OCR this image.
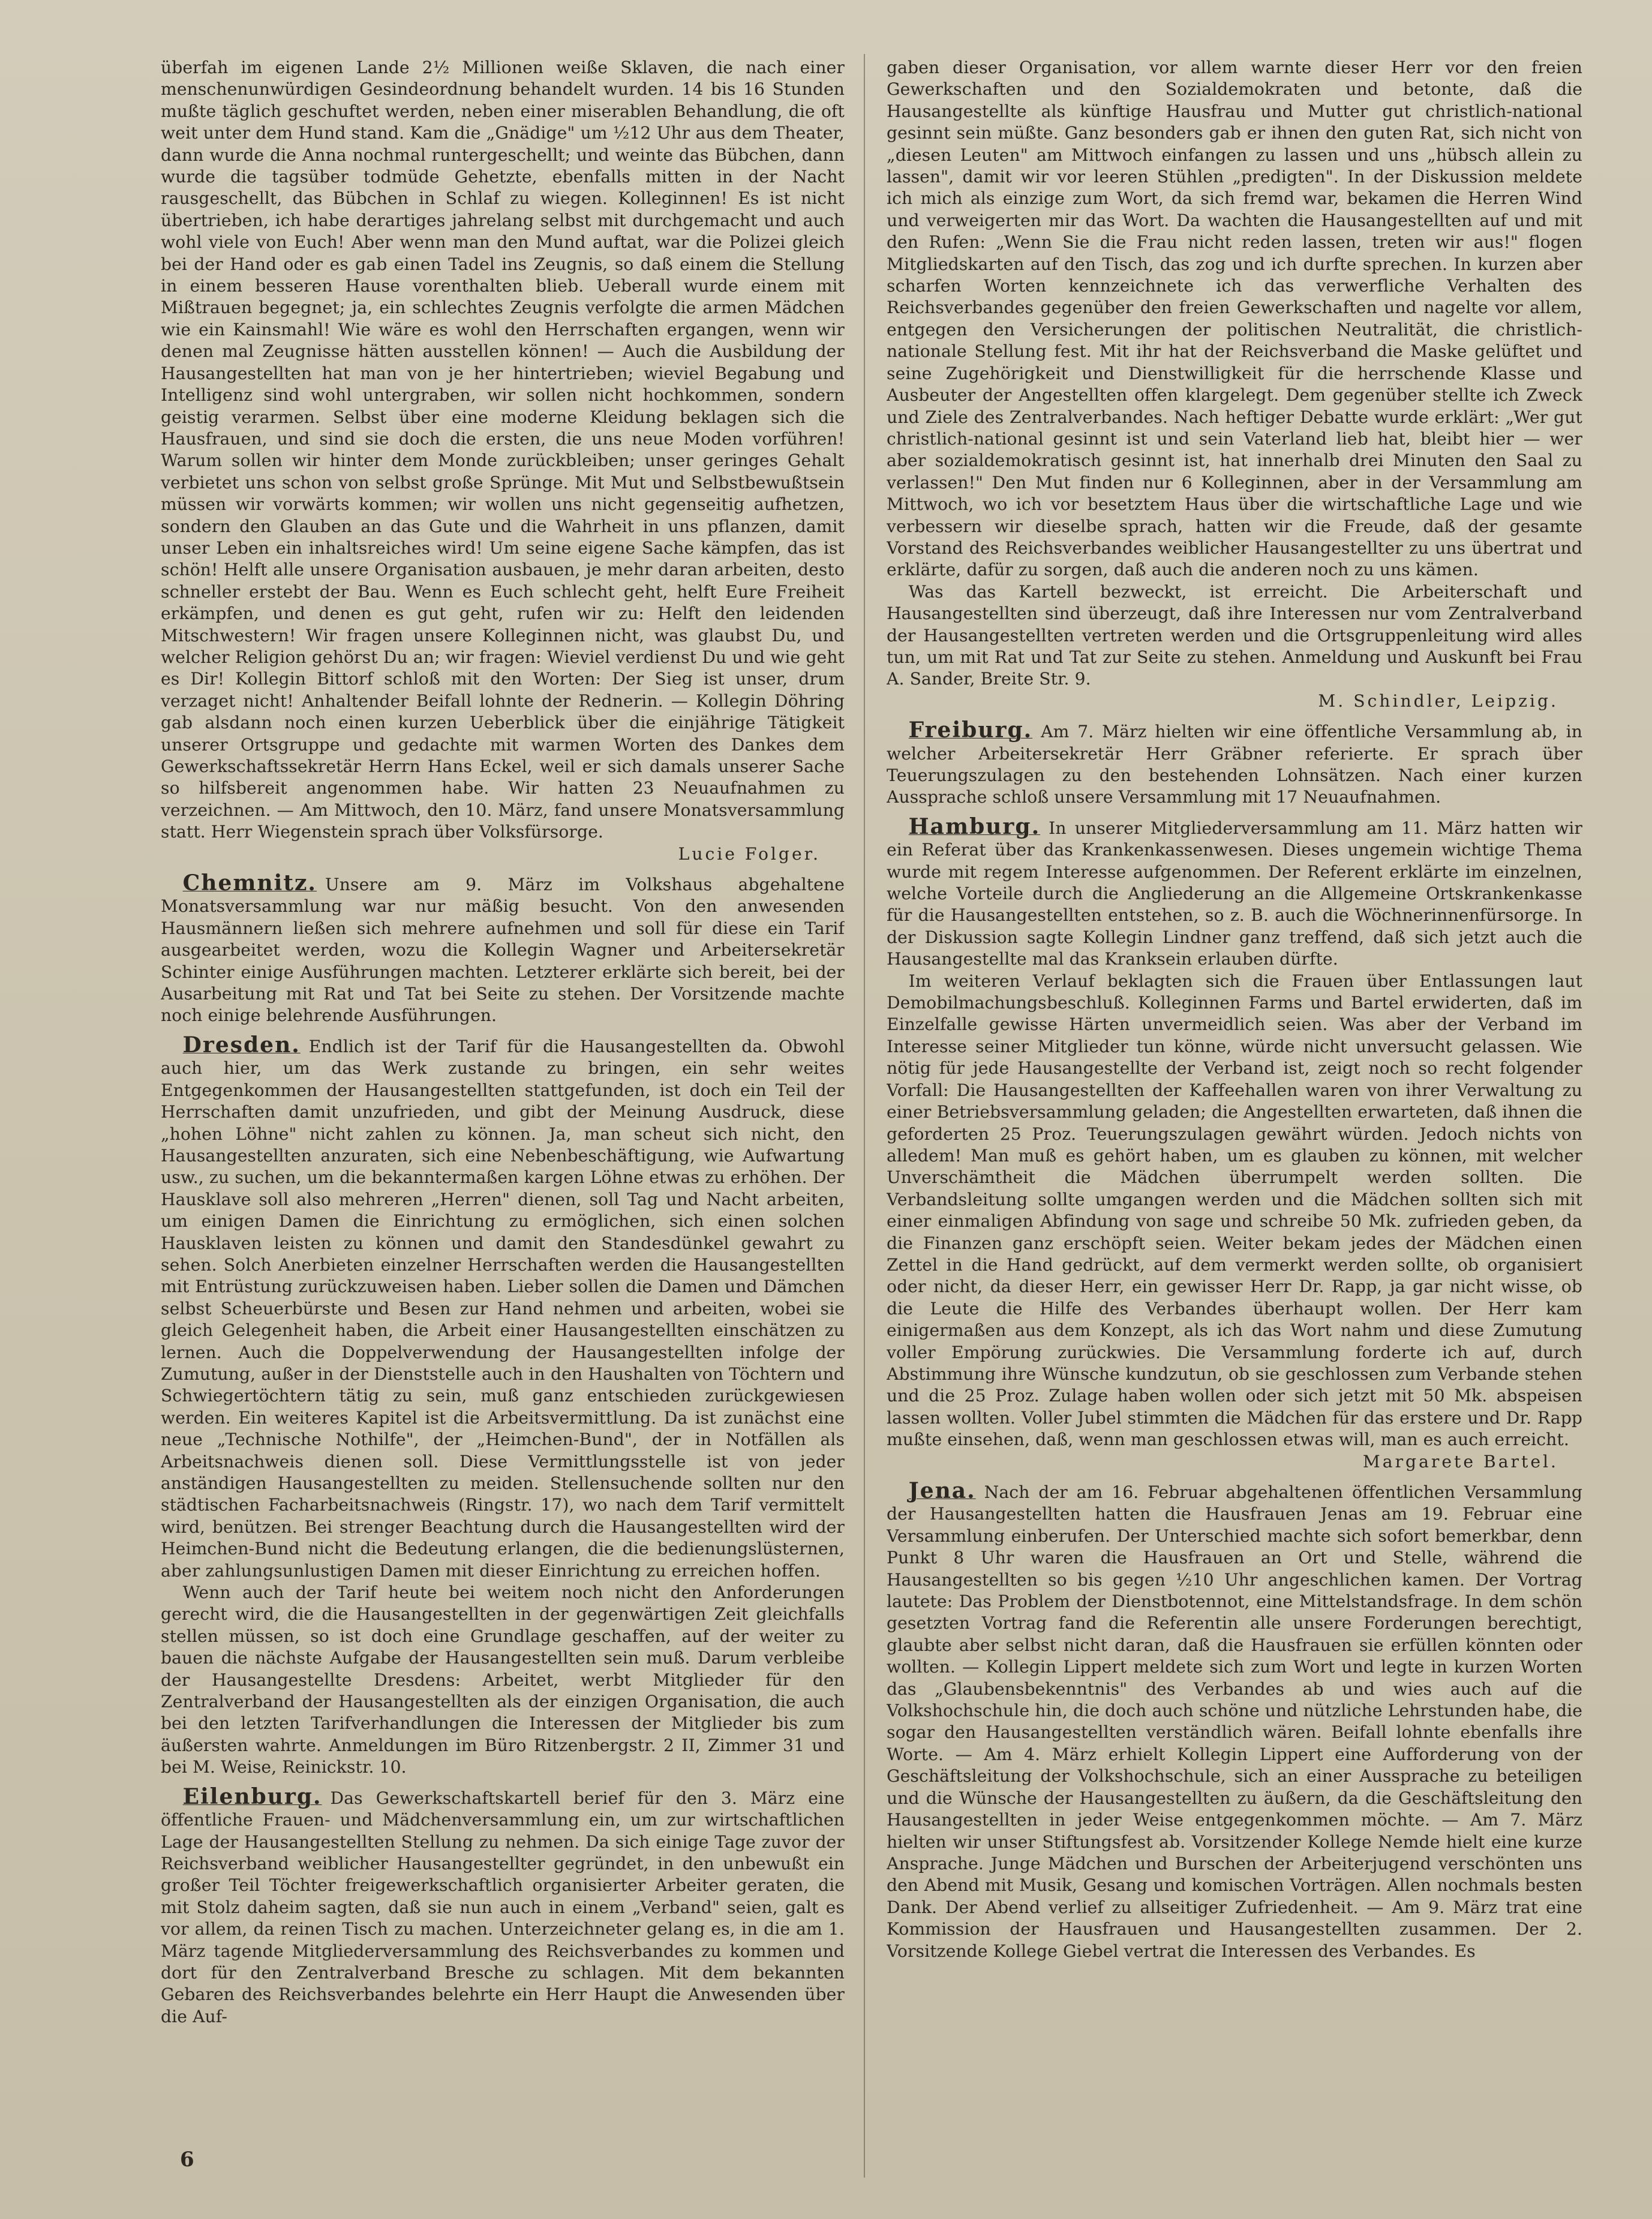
überfah im eigenen Lande 2½ Millionen weiße Sklaven, die nach einer menschenunwürdigen Gesindeordnung behandelt wurden. 14 bis 16 Stunden mußte täglich geschuftet werden, neben einer miserablen Behandlung, die oft weit unter dem Hund stand. Kam die „Gnädige" um ½12 Uhr aus dem Theater, dann wurde die Anna nochmal runtergeschellt; und weinte das Bübchen, dann wurde die tagsüber todmüde Gehetzte, ebenfalls mitten in der Nacht rausgeschellt, das Bübchen in Schlaf zu wiegen. Kolleginnen! Es ist nicht übertrieben, ich habe derartiges jahrelang selbst mit durchgemacht und auch wohl viele von Euch! Aber wenn man den Mund auftat, war die Polizei gleich bei der Hand oder es gab einen Tadel ins Zeugnis, so daß einem die Stellung in einem besseren Hause vorenthalten blieb. Ueberall wurde einem mit Mißtrauen begegnet; ja, ein schlechtes Zeugnis verfolgte die armen Mädchen wie ein Kainsmahl! Wie wäre es wohl den Herrschaften ergangen, wenn wir denen mal Zeugnisse hätten ausstellen können! — Auch die Ausbildung der Hausangestellten hat man von je her hintertrieben; wieviel Begabung und Intelligenz sind wohl untergraben, wir sollen nicht hochkommen, sondern geistig verarmen. Selbst über eine moderne Kleidung beklagen sich die Hausfrauen, und sind sie doch die ersten, die uns neue Moden vorführen! Warum sollen wir hinter dem Monde zurückbleiben; unser geringes Gehalt verbietet uns schon von selbst große Sprünge. Mit Mut und Selbstbewußtsein müssen wir vorwärts kommen; wir wollen uns nicht gegenseitig aufhetzen, sondern den Glauben an das Gute und die Wahrheit in uns pflanzen, damit unser Leben ein inhaltsreiches wird! Um seine eigene Sache kämpfen, das ist schön! Helft alle unsere Organisation ausbauen, je mehr daran arbeiten, desto schneller erstebt der Bau. Wenn es Euch schlecht geht, helft Eure Freiheit erkämpfen, und denen es gut geht, rufen wir zu: Helft den leidenden Mitschwestern! Wir fragen unsere Kolleginnen nicht, was glaubst Du, und welcher Religion gehörst Du an; wir fragen: Wieviel verdienst Du und wie geht es Dir! Kollegin Bittorf schloß mit den Worten: Der Sieg ist unser, drum verzaget nicht! Anhaltender Beifall lohnte der Rednerin. — Kollegin Döhring gab alsdann noch einen kurzen Ueberblick über die einjährige Tätigkeit unserer Ortsgruppe und gedachte mit warmen Worten des Dankes dem Gewerkschaftssekretär Herrn Hans Eckel, weil er sich damals unserer Sache so hilfsbereit angenommen habe. Wir hatten 23 Neuaufnahmen zu verzeichnen. — Am Mittwoch, den 10. März, fand unsere Monatsversammlung statt. Herr Wiegenstein sprach über Volksfürsorge.

Lucie Folger.

Chemnitz. Unsere am 9. März im Volkshaus abgehaltene Monatsversammlung war nur mäßig besucht. Von den anwesenden Hausmännern ließen sich mehrere aufnehmen und soll für diese ein Tarif ausgearbeitet werden, wozu die Kollegin Wagner und Arbeitersekretär Schinter einige Ausführungen machten. Letzterer erklärte sich bereit, bei der Ausarbeitung mit Rat und Tat bei Seite zu stehen. Der Vorsitzende machte noch einige belehrende Ausführungen.

Dresden. Endlich ist der Tarif für die Hausangestellten da. Obwohl auch hier, um das Werk zustande zu bringen, ein sehr weites Entgegenkommen der Hausangestellten stattgefunden, ist doch ein Teil der Herrschaften damit unzufrieden, und gibt der Meinung Ausdruck, diese „hohen Löhne" nicht zahlen zu können. Ja, man scheut sich nicht, den Hausangestellten anzuraten, sich eine Nebenbeschäftigung, wie Aufwartung usw., zu suchen, um die bekanntermaßen kargen Löhne etwas zu erhöhen. Der Hausklave soll also mehreren „Herren" dienen, soll Tag und Nacht arbeiten, um einigen Damen die Einrichtung zu ermöglichen, sich einen solchen Hausklaven leisten zu können und damit den Standesdünkel gewahrt zu sehen. Solch Anerbieten einzelner Herrschaften werden die Hausangestellten mit Entrüstung zurückzuweisen haben. Lieber sollen die Damen und Dämchen selbst Scheuerbürste und Besen zur Hand nehmen und arbeiten, wobei sie gleich Gelegenheit haben, die Arbeit einer Hausangestellten einschätzen zu lernen. Auch die Doppelverwendung der Hausangestellten infolge der Zumutung, außer in der Dienststelle auch in den Haushalten von Töchtern und Schwiegertöchtern tätig zu sein, muß ganz entschieden zurückgewiesen werden. Ein weiteres Kapitel ist die Arbeitsvermittlung. Da ist zunächst eine neue „Technische Nothilfe", der „Heimchen-Bund", der in Notfällen als Arbeitsnachweis dienen soll. Diese Vermittlungsstelle ist von jeder anständigen Hausangestellten zu meiden. Stellensuchende sollten nur den städtischen Facharbeitsnachweis (Ringstr. 17), wo nach dem Tarif vermittelt wird, benützen. Bei strenger Beachtung durch die Hausangestellten wird der Heimchen-Bund nicht die Bedeutung erlangen, die die bedienungslüsternen, aber zahlungsunlustigen Damen mit dieser Einrichtung zu erreichen hoffen.

Wenn auch der Tarif heute bei weitem noch nicht den Anforderungen gerecht wird, die die Hausangestellten in der gegenwärtigen Zeit gleichfalls stellen müssen, so ist doch eine Grundlage geschaffen, auf der weiter zu bauen die nächste Aufgabe der Hausangestellten sein muß. Darum verbleibe der Hausangestellte Dresdens: Arbeitet, werbt Mitglieder für den Zentralverband der Hausangestellten als der einzigen Organisation, die auch bei den letzten Tarifverhandlungen die Interessen der Mitglieder bis zum äußersten wahrte. Anmeldungen im Büro Ritzenbergstr. 2 II, Zimmer 31 und bei M. Weise, Reinickstr. 10.

Eilenburg. Das Gewerkschaftskartell berief für den 3. März eine öffentliche Frauen- und Mädchenversammlung ein, um zur wirtschaftlichen Lage der Hausangestellten Stellung zu nehmen. Da sich einige Tage zuvor der Reichsverband weiblicher Hausangestellter gegründet, in den unbewußt ein großer Teil Töchter freigewerkschaftlich organisierter Arbeiter geraten, die mit Stolz daheim sagten, daß sie nun auch in einem „Verband" seien, galt es vor allem, da reinen Tisch zu machen. Unterzeichneter gelang es, in die am 1. März tagende Mitgliederversammlung des Reichsverbandes zu kommen und dort für den Zentralverband Bresche zu schlagen. Mit dem bekannten Gebaren des Reichsverbandes belehrte ein Herr Haupt die Anwesenden über die Auf-

gaben dieser Organisation, vor allem warnte dieser Herr vor den freien Gewerkschaften und den Sozialdemokraten und betonte, daß die Hausangestellte als künftige Hausfrau und Mutter gut christlich-national gesinnt sein müßte. Ganz besonders gab er ihnen den guten Rat, sich nicht von „diesen Leuten" am Mittwoch einfangen zu lassen und uns „hübsch allein zu lassen", damit wir vor leeren Stühlen „predigten". In der Diskussion meldete ich mich als einzige zum Wort, da sich fremd war, bekamen die Herren Wind und verweigerten mir das Wort. Da wachten die Hausangestellten auf und mit den Rufen: „Wenn Sie die Frau nicht reden lassen, treten wir aus!" flogen Mitgliedskarten auf den Tisch, das zog und ich durfte sprechen. In kurzen aber scharfen Worten kennzeichnete ich das verwerfliche Verhalten des Reichsverbandes gegenüber den freien Gewerkschaften und nagelte vor allem, entgegen den Versicherungen der politischen Neutralität, die christlich-nationale Stellung fest. Mit ihr hat der Reichsverband die Maske gelüftet und seine Zugehörigkeit und Dienstwilligkeit für die herrschende Klasse und Ausbeuter der Angestellten offen klargelegt. Dem gegenüber stellte ich Zweck und Ziele des Zentralverbandes. Nach heftiger Debatte wurde erklärt: „Wer gut christlich-national gesinnt ist und sein Vaterland lieb hat, bleibt hier — wer aber sozialdemokratisch gesinnt ist, hat innerhalb drei Minuten den Saal zu verlassen!" Den Mut finden nur 6 Kolleginnen, aber in der Versammlung am Mittwoch, wo ich vor besetztem Haus über die wirtschaftliche Lage und wie verbessern wir dieselbe sprach, hatten wir die Freude, daß der gesamte Vorstand des Reichsverbandes weiblicher Hausangestellter zu uns übertrat und erklärte, dafür zu sorgen, daß auch die anderen noch zu uns kämen.

Was das Kartell bezweckt, ist erreicht. Die Arbeiterschaft und Hausangestellten sind überzeugt, daß ihre Interessen nur vom Zentralverband der Hausangestellten vertreten werden und die Ortsgruppenleitung wird alles tun, um mit Rat und Tat zur Seite zu stehen. Anmeldung und Auskunft bei Frau A. Sander, Breite Str. 9.

M. Schindler, Leipzig.

Freiburg. Am 7. März hielten wir eine öffentliche Versammlung ab, in welcher Arbeitersekretär Herr Gräbner referierte. Er sprach über Teuerungszulagen zu den bestehenden Lohnsätzen. Nach einer kurzen Aussprache schloß unsere Versammlung mit 17 Neuaufnahmen.

Hamburg. In unserer Mitgliederversammlung am 11. März hatten wir ein Referat über das Krankenkassenwesen. Dieses ungemein wichtige Thema wurde mit regem Interesse aufgenommen. Der Referent erklärte im einzelnen, welche Vorteile durch die Angliederung an die Allgemeine Ortskrankenkasse für die Hausangestellten entstehen, so z. B. auch die Wöchnerinnenfürsorge. In der Diskussion sagte Kollegin Lindner ganz treffend, daß sich jetzt auch die Hausangestellte mal das Kranksein erlauben dürfte.

Im weiteren Verlauf beklagten sich die Frauen über Entlassungen laut Demobilmachungsbeschluß. Kolleginnen Farms und Bartel erwiderten, daß im Einzelfalle gewisse Härten unvermeidlich seien. Was aber der Verband im Interesse seiner Mitglieder tun könne, würde nicht unversucht gelassen. Wie nötig für jede Hausangestellte der Verband ist, zeigt noch so recht folgender Vorfall: Die Hausangestellten der Kaffeehallen waren von ihrer Verwaltung zu einer Betriebsversammlung geladen; die Angestellten erwarteten, daß ihnen die geforderten 25 Proz. Teuerungszulagen gewährt würden. Jedoch nichts von alledem! Man muß es gehört haben, um es glauben zu können, mit welcher Unverschämtheit die Mädchen überrumpelt werden sollten. Die Verbandsleitung sollte umgangen werden und die Mädchen sollten sich mit einer einmaligen Abfindung von sage und schreibe 50 Mk. zufrieden geben, da die Finanzen ganz erschöpft seien. Weiter bekam jedes der Mädchen einen Zettel in die Hand gedrückt, auf dem vermerkt werden sollte, ob organisiert oder nicht, da dieser Herr, ein gewisser Herr Dr. Rapp, ja gar nicht wisse, ob die Leute die Hilfe des Verbandes überhaupt wollen. Der Herr kam einigermaßen aus dem Konzept, als ich das Wort nahm und diese Zumutung voller Empörung zurückwies. Die Versammlung forderte ich auf, durch Abstimmung ihre Wünsche kundzutun, ob sie geschlossen zum Verbande stehen und die 25 Proz. Zulage haben wollen oder sich jetzt mit 50 Mk. abspeisen lassen wollten. Voller Jubel stimmten die Mädchen für das erstere und Dr. Rapp mußte einsehen, daß, wenn man geschlossen etwas will, man es auch erreicht.

Margarete Bartel.

Jena. Nach der am 16. Februar abgehaltenen öffentlichen Versammlung der Hausangestellten hatten die Hausfrauen Jenas am 19. Februar eine Versammlung einberufen. Der Unterschied machte sich sofort bemerkbar, denn Punkt 8 Uhr waren die Hausfrauen an Ort und Stelle, während die Hausangestellten so bis gegen ½10 Uhr angeschlichen kamen. Der Vortrag lautete: Das Problem der Dienstbotennot, eine Mittelstandsfrage. In dem schön gesetzten Vortrag fand die Referentin alle unsere Forderungen berechtigt, glaubte aber selbst nicht daran, daß die Hausfrauen sie erfüllen könnten oder wollten. — Kollegin Lippert meldete sich zum Wort und legte in kurzen Worten das „Glaubensbekenntnis" des Verbandes ab und wies auch auf die Volkshochschule hin, die doch auch schöne und nützliche Lehrstunden habe, die sogar den Hausangestellten verständlich wären. Beifall lohnte ebenfalls ihre Worte. — Am 4. März erhielt Kollegin Lippert eine Aufforderung von der Geschäftsleitung der Volkshochschule, sich an einer Aussprache zu beteiligen und die Wünsche der Hausangestellten zu äußern, da die Geschäftsleitung den Hausangestellten in jeder Weise entgegenkommen möchte. — Am 7. März hielten wir unser Stiftungsfest ab. Vorsitzender Kollege Nemde hielt eine kurze Ansprache. Junge Mädchen und Burschen der Arbeiterjugend verschönten uns den Abend mit Musik, Gesang und komischen Vorträgen. Allen nochmals besten Dank. Der Abend verlief zu allseitiger Zufriedenheit. — Am 9. März trat eine Kommission der Hausfrauen und Hausangestellten zusammen. Der 2. Vorsitzende Kollege Giebel vertrat die Interessen des Verbandes. Es

6
